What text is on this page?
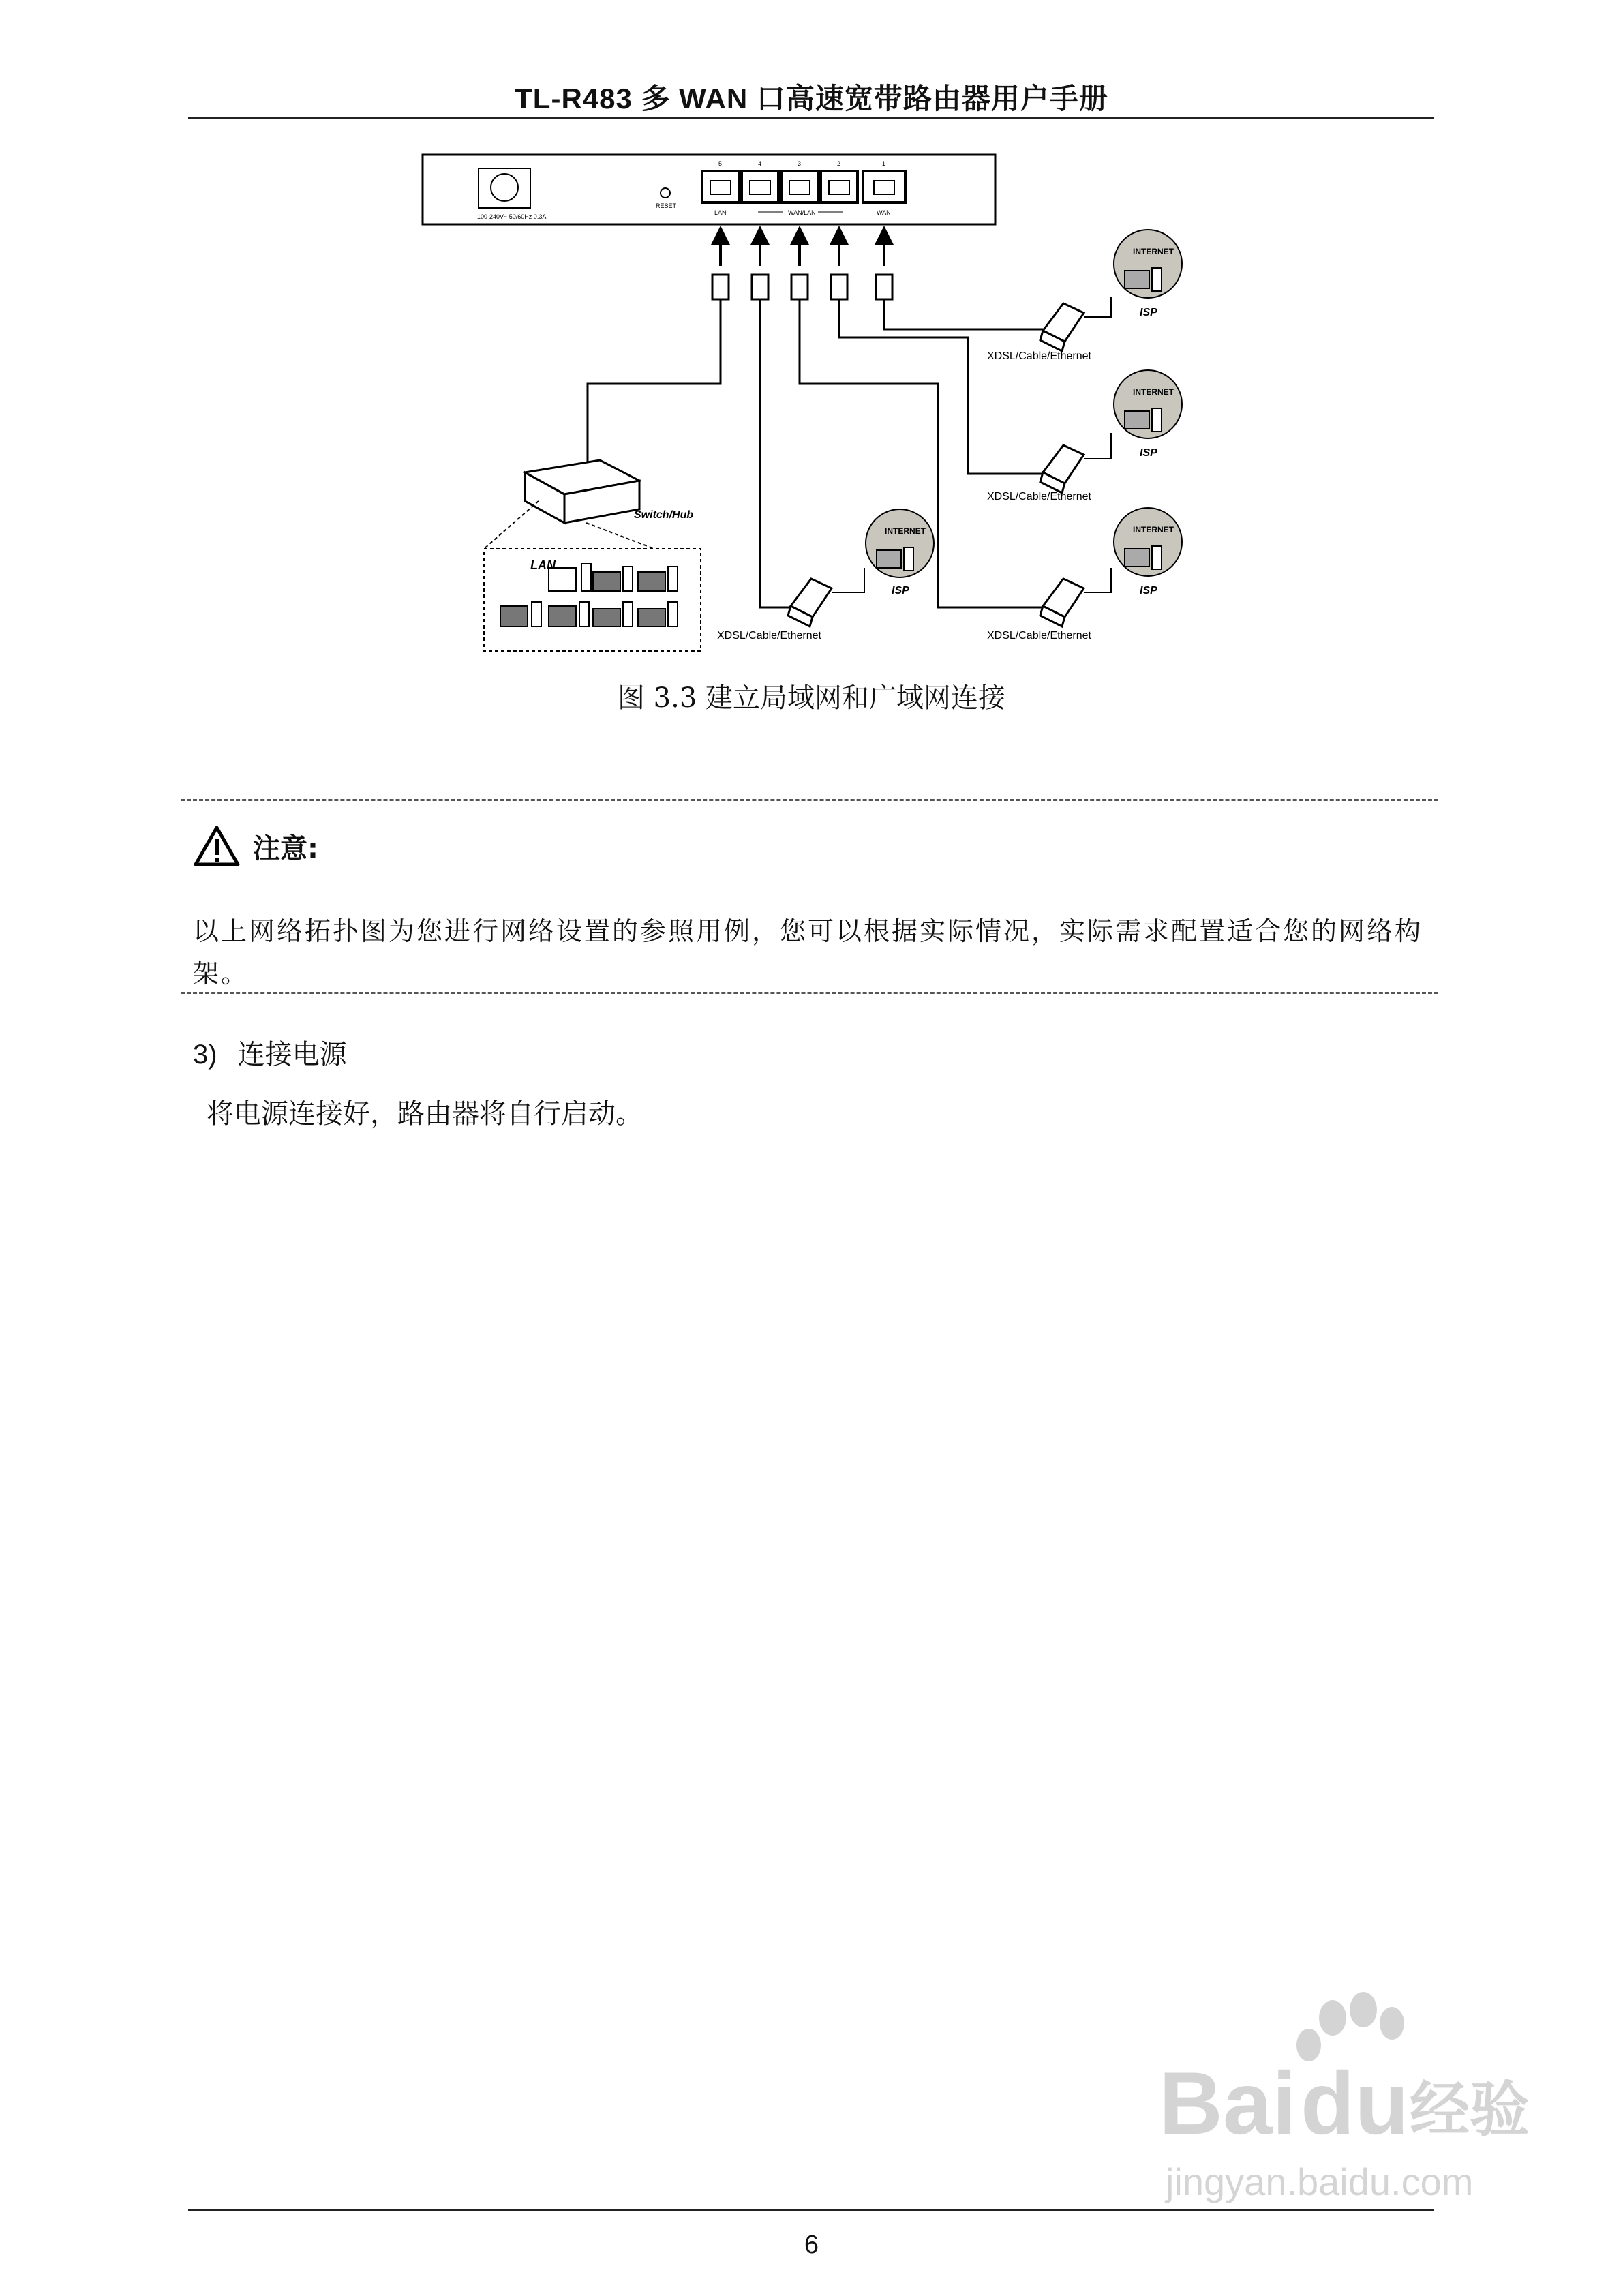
TL-R483 多 WAN 口高速宽带路由器用户手册
100-240V~ 50/60Hz 0.3A
RESET
5	4	3	2	1
LAN	WAN/LAN	WAN
Switch/Hub
LAN
INTERNET
ISP
XDSL/Cable/Ethernet
INTERNET
ISP
XDSL/Cable/Ethernet
INTERNET
ISP
XDSL/Cable/Ethernet
INTERNET
ISP
XDSL/Cable/Ethernet
图 3.3 建立局域网和广域网连接
注意:
以上网络拓扑图为您进行网络设置的参照用例，您可以根据实际情况，实际需求配置适合您的网络构架。
3) 连接电源
将电源连接好，路由器将自行启动。
Bai du 经验
jingyan.baidu.com
6
